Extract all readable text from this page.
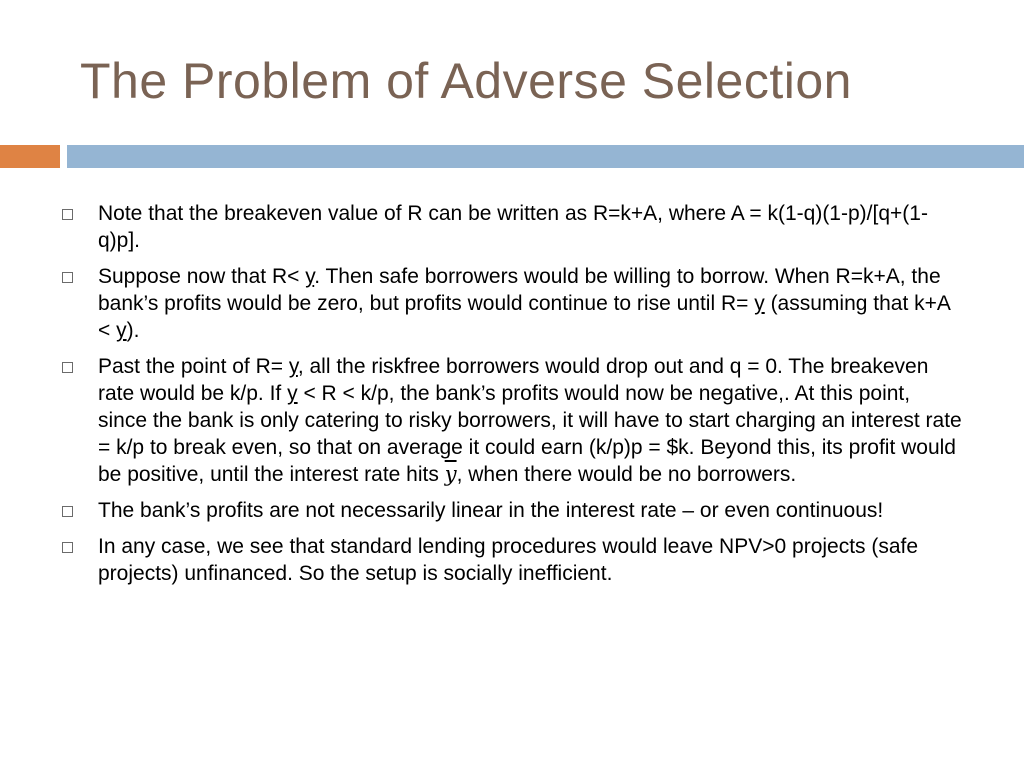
The Problem of Adverse Selection
Note that the breakeven value of R can be written as R=k+A, where A = k(1-q)(1-p)/[q+(1-q)p].
Suppose now that R< y. Then safe borrowers would be willing to borrow. When R=k+A, the bank’s profits would be zero, but profits would continue to rise until R= y (assuming that k+A < y).
Past the point of R= y, all the riskfree borrowers would drop out and q = 0. The breakeven rate would be k/p. If y < R < k/p, the bank’s profits would now be negative,. At this point, since the bank is only catering to risky borrowers, it will have to start charging an interest rate = k/p to break even, so that on average it could earn (k/p)p = $k. Beyond this, its profit would be positive, until the interest rate hits $\overline{y}$, when there would be no borrowers.
The bank’s profits are not necessarily linear in the interest rate – or even continuous!
In any case, we see that standard lending procedures would leave NPV>0 projects (safe projects) unfinanced. So the setup is socially inefficient.
